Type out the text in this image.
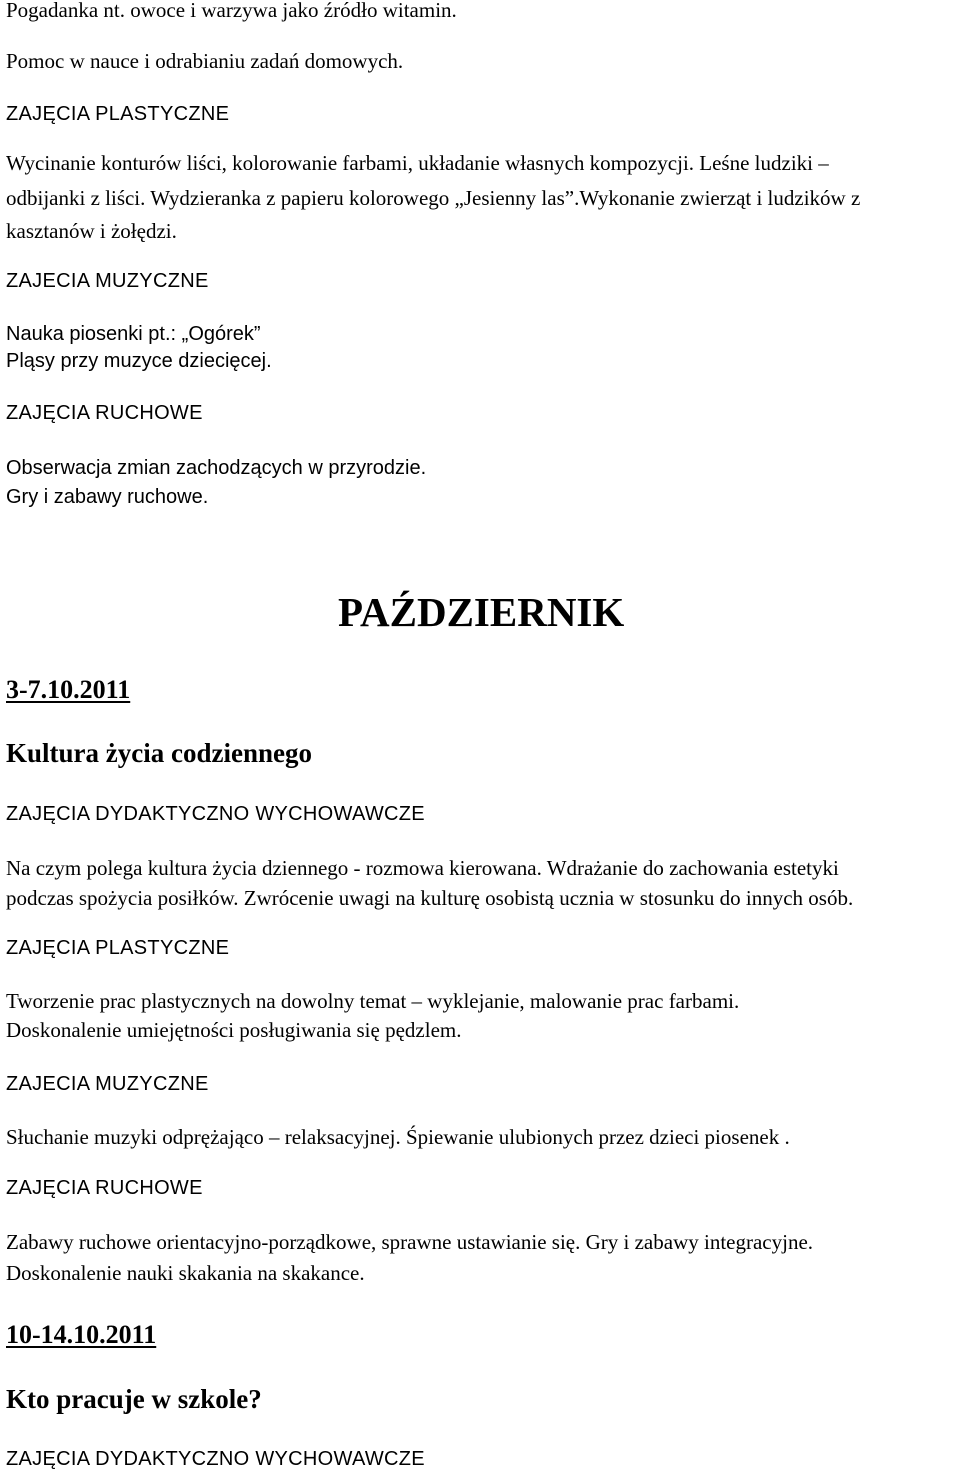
Pogadanka nt. owoce i warzywa jako źródło witamin.
Pomoc w nauce i odrabianiu zadań domowych.
ZAJĘCIA PLASTYCZNE
Wycinanie konturów liści, kolorowanie farbami, układanie własnych kompozycji. Leśne ludziki –
odbijanki z liści. Wydzieranka z papieru kolorowego „Jesienny las”.Wykonanie zwierząt i ludzików z
kasztanów i żołędzi.
ZAJECIA MUZYCZNE
Nauka piosenki pt.: „Ogórek”
Pląsy przy muzyce dziecięcej.
ZAJĘCIA RUCHOWE
Obserwacja zmian zachodzących w przyrodzie.
Gry i zabawy ruchowe.
PAŹDZIERNIK
3-7.10.2011
Kultura życia codziennego
ZAJĘCIA DYDAKTYCZNO WYCHOWAWCZE
Na czym polega kultura życia dziennego - rozmowa kierowana. Wdrażanie do zachowania estetyki
podczas spożycia posiłków. Zwrócenie uwagi na kulturę osobistą ucznia w stosunku do innych osób.
ZAJĘCIA PLASTYCZNE
Tworzenie prac plastycznych na dowolny temat – wyklejanie, malowanie prac farbami.
Doskonalenie umiejętności posługiwania się pędzlem.
ZAJECIA MUZYCZNE
Słuchanie muzyki odprężająco – relaksacyjnej. Śpiewanie ulubionych przez dzieci piosenek .
ZAJĘCIA RUCHOWE
Zabawy ruchowe orientacyjno-porządkowe, sprawne ustawianie się. Gry i zabawy integracyjne.
Doskonalenie nauki skakania na skakance.
10-14.10.2011
Kto pracuje w szkole?
ZAJĘCIA DYDAKTYCZNO WYCHOWAWCZE
